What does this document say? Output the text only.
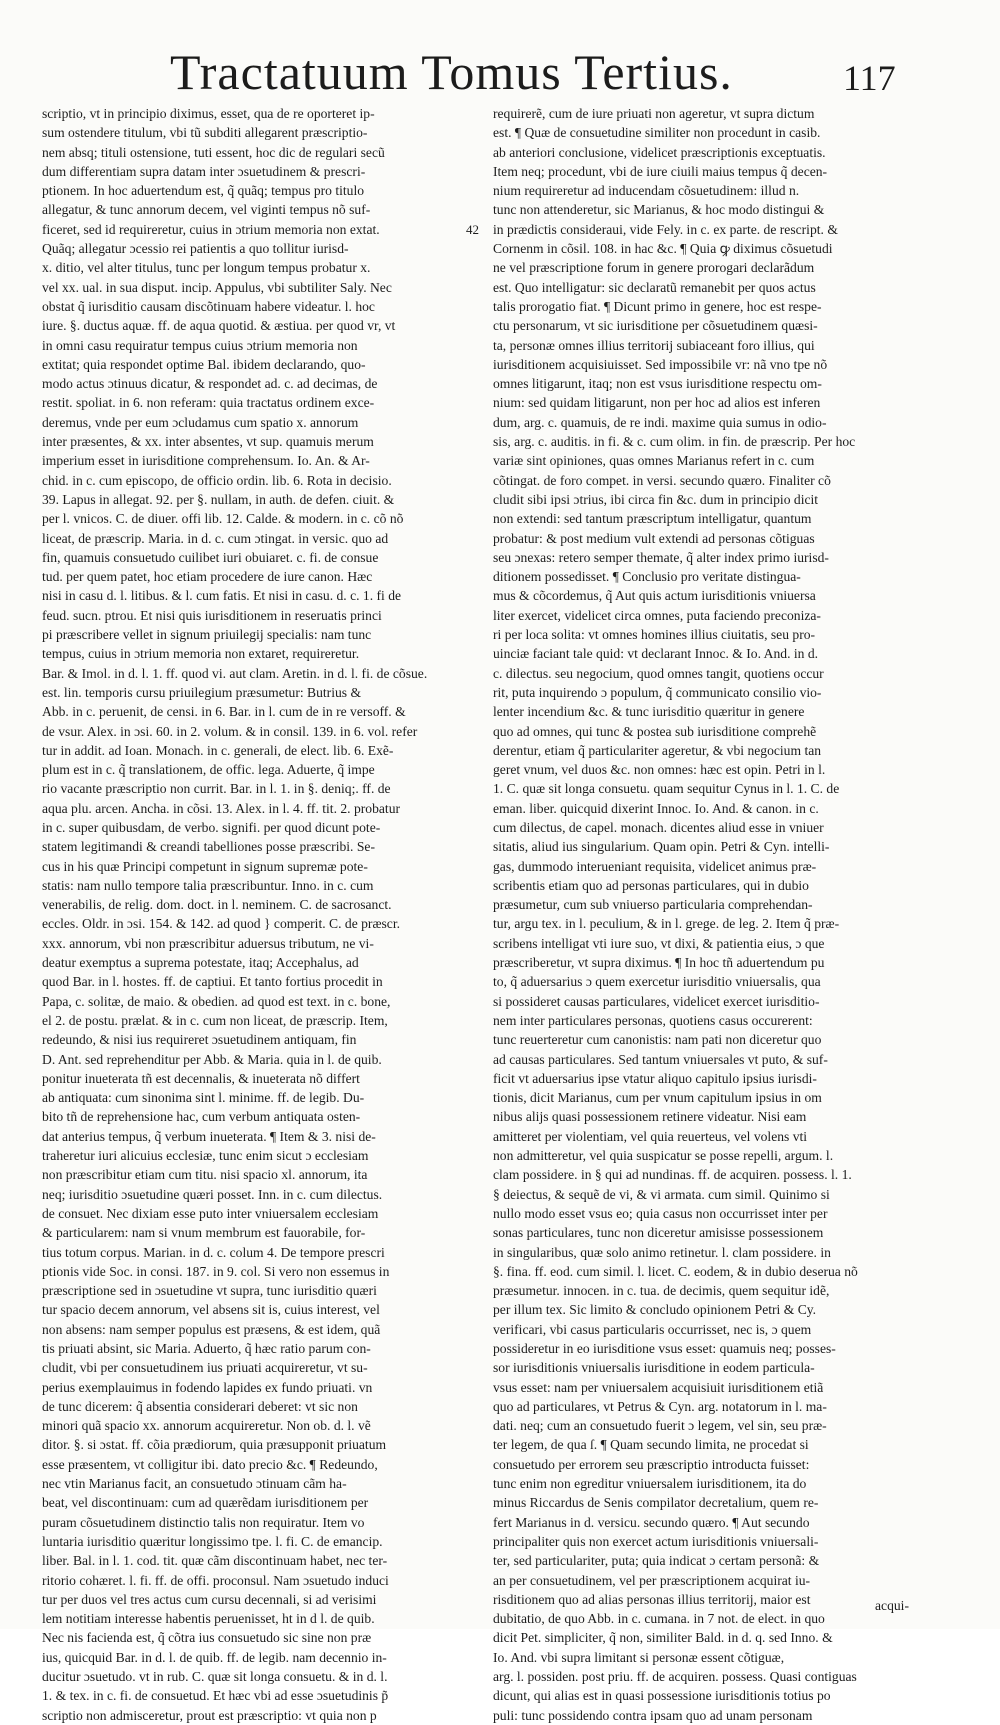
Tractatuum Tomus Tertius.	117
scriptio, vt in principio diximus, esset, qua de re oporteret ip-
sum ostendere titulum, vbi tũ subditi allegarent præscriptio-
nem absq; tituli ostensione, tuti essent, hoc dic de regulari secũ
dum differentiam supra datam inter ɔsuetudinem & prescri-
ptionem. In hoc aduertendum est, q̃ quãq; tempus pro titulo
allegatur, & tunc annorum decem, vel viginti tempus nõ suf-
ficeret, sed id requireretur, cuius in ɔtrium memoria non extat.
Quãq; allegatur ɔcessio rei patientis a quo tollitur iurisd-
x. ditio, vel alter titulus, tunc per longum tempus probatur x.
vel xx. ual. in sua disput. incip. Appulus, vbi subtiliter Saly. Nec
obstat q̃ iurisditio causam discõtinuam habere videatur. l. hoc
iure. §. ductus aquæ. ff. de aqua quotid. & æstiua. per quod vr, vt
in omni casu requiratur tempus cuius ɔtrium memoria non
extitat; quia respondet optime Bal. ibidem declarando, quo-
modo actus ɔtinuus dicatur, & respondet ad. c. ad decimas, de
restit. spoliat. in 6. non referam: quia tractatus ordinem exce-
deremus, vnde per eum ɔcludamus cum spatio x. annorum
inter præsentes, & xx. inter absentes, vt sup. quamuis merum
imperium esset in iurisditione comprehensum. Io. An. & Ar-
chid. in c. cum episcopo, de officio ordin. lib. 6. Rota in decisio.
39. Lapus in allegat. 92. per §. nullam, in auth. de defen. ciuit. &
per l. vnicos. C. de diuer. offi lib. 12. Calde. & modern. in c. cõ nõ
liceat, de præscrip. Maria. in d. c. cum ɔtingat. in versic. quo ad
fin, quamuis consuetudo cuilibet iuri obuiaret. c. fi. de consue
tud. per quem patet, hoc etiam procedere de iure canon. Hæc
nisi in casu d. l. litibus. & l. cum fatis. Et nisi in casu. d. c. 1. fi de
feud. sucn. ptrou. Et nisi quis iurisditionem in reseruatis princi
pi præscribere vellet in signum priuilegij specialis: nam tunc
tempus, cuius in ɔtrium memoria non extaret, requireretur.
Bar. & Imol. in d. l. 1. ff. quod vi. aut clam. Aretin. in d. l. fi. de cõsue.
est. lin. temporis cursu priuilegium præsumetur: Butrius &
Abb. in c. peruenit, de censi. in 6. Bar. in l. cum de in re versoff. &
de vsur. Alex. in ɔsi. 60. in 2. volum. & in consil. 139. in 6. vol. refer
tur in addit. ad Ioan. Monach. in c. generali, de elect. lib. 6. Exẽ-
plum est in c. q̃ translationem, de offic. lega. Aduerte, q̃ impe
rio vacante præscriptio non currit. Bar. in l. 1. in §. deniq;. ff. de
aqua plu. arcen. Ancha. in cõsi. 13. Alex. in l. 4. ff. tit. 2. probatur
in c. super quibusdam, de verbo. signifi. per quod dicunt pote-
statem legitimandi & creandi tabelliones posse præscribi. Se-
cus in his quæ Principi competunt in signum supremæ pote-
statis: nam nullo tempore talia præscribuntur. Inno. in c. cum
venerabilis, de relig. dom. doct. in l. neminem. C. de sacrosanct.
eccles. Oldr. in ɔsi. 154. & 142. ad quod } comperit. C. de præscr.
xxx. annorum, vbi non præscribitur aduersus tributum, ne vi-
deatur exemptus a suprema potestate, itaq; Accephalus, ad
quod Bar. in l. hostes. ff. de captiui. Et tanto fortius procedit in
Papa, c. solitæ, de maio. & obedien. ad quod est text. in c. bone,
el 2. de postu. prælat. & in c. cum non liceat, de præscrip. Item,
redeundo, & nisi ius requireret ɔsuetudinem antiquam, fin
D. Ant. sed reprehenditur per Abb. & Maria. quia in l. de quib.
ponitur inueterata tñ est decennalis, & inueterata nõ differt
ab antiquata: cum sinonima sint l. minime. ff. de legib. Du-
bito tñ de reprehensione hac, cum verbum antiquata osten-
dat anterius tempus, q̃ verbum inueterata. ¶ Item & 3. nisi de-
traheretur iuri alicuius ecclesiæ, tunc enim sicut ɔ ecclesiam
non præscribitur etiam cum titu. nisi spacio xl. annorum, ita
neq; iurisditio ɔsuetudine quæri posset. Inn. in c. cum dilectus.
de consuet. Nec dixiam esse puto inter vniuersalem ecclesiam
& particularem: nam si vnum membrum est fauorabile, for-
tius totum corpus. Marian. in d. c. colum 4. De tempore prescri
ptionis vide Soc. in consi. 187. in 9. col. Si vero non essemus in
præscriptione sed in ɔsuetudine vt supra, tunc iurisditio quæri
tur spacio decem annorum, vel absens sit is, cuius interest, vel
non absens: nam semper populus est præsens, & est idem, quã
tis priuati absint, sic Maria. Aduerto, q̃ hæc ratio parum con-
cludit, vbi per consuetudinem ius priuati acquireretur, vt su-
perius exemplauimus in fodendo lapides ex fundo priuati. vn
de tunc dicerem: q̃ absentia considerari deberet: vt sic non
minori quã spacio xx. annorum acquireretur. Non ob. d. l. vẽ
ditor. §. si ɔstat. ff. cõia prædiorum, quia præsupponit priuatum
esse præsentem, vt colligitur ibi. dato precio &c. ¶ Redeundo,
nec vtin Marianus facit, an consuetudo ɔtinuam cãm ha-
beat, vel discontinuam: cum ad quærẽdam iurisditionem per
puram cõsuetudinem distinctio talis non requiratur. Item vo
luntaria iurisditio quæritur longissimo tpe. l. fi. C. de emancip.
liber. Bal. in l. 1. cod. tit. quæ cãm discontinuam habet, nec ter-
ritorio cohæret. l. fi. ff. de offi. proconsul. Nam ɔsuetudo induci
tur per duos vel tres actus cum cursu decennali, si ad verisimi
lem notitiam interesse habentis peruenisset, ht in d l. de quib.
Nec nis facienda est, q̃ cõtra ius consuetudo sic sine non præ
ius, quicquid Bar. in d. l. de quib. ff. de legib. nam decennio in-
ducitur ɔsuetudo. vt in rub. C. quæ sit longa consuetu. & in d. l.
1. & tex. in c. fi. de consuetud. Et hæc vbi ad esse ɔsuetudinis p̃
scriptio non admisceretur, prout est præscriptio: vt quia non p
42
requirerẽ, cum de iure priuati non ageretur, vt supra dictum
est. ¶ Quæ de consuetudine similiter non procedunt in casib.
ab anteriori conclusione, videlicet præscriptionis exceptuatis.
Item neq; procedunt, vbi de iure ciuili maius tempus q̃ decen-
nium requireretur ad inducendam cõsuetudinem: illud n.
tunc non attenderetur, sic Marianus, & hoc modo distingui &
in prædictis consideraui, vide Fely. in c. ex parte. de rescript. &
Cornenm in cõsil. 108. in hac &c. ¶ Quia ꝙ diximus cõsuetudi
ne vel præscriptione forum in genere prorogari declarãdum
est. Quo intelligatur: sic declaratũ remanebit per quos actus
talis prorogatio fiat. ¶ Dicunt primo in genere, hoc est respe-
ctu personarum, vt sic iurisditione per cõsuetudinem quæsi-
ta, personæ omnes illius territorij subiaceant foro illius, qui
iurisditionem acquisiuisset. Sed impossibile vr: nã vno tpe nõ
omnes litigarunt, itaq; non est vsus iurisditione respectu om-
nium: sed quidam litigarunt, non per hoc ad alios est inferen
dum, arg. c. quamuis, de re indi. maxime quia sumus in odio-
sis, arg. c. auditis. in fi. & c. cum olim. in fin. de præscrip. Per hoc
variæ sint opiniones, quas omnes Marianus refert in c. cum
cõtingat. de foro compet. in versi. secundo quæro. Finaliter cõ
cludit sibi ipsi ɔtrius, ibi circa fin &c. dum in principio dicit
non extendi: sed tantum præscriptum intelligatur, quantum
probatur: & post medium vult extendi ad personas cõtiguas
seu ɔnexas: retero semper themate, q̃ alter index primo iurisd-
ditionem possedisset. ¶ Conclusio pro veritate distingua-
mus & cõcordemus, q̃ Aut quis actum iurisditionis vniuersa
liter exercet, videlicet circa omnes, puta faciendo preconiza-
ri per loca solita: vt omnes homines illius ciuitatis, seu pro-
uinciæ faciant tale quid: vt declarant Innoc. & Io. And. in d.
c. dilectus. seu negocium, quod omnes tangit, quotiens occur
rit, puta inquirendo ɔ populum, q̃ communicato consilio vio-
lenter incendium &c. & tunc iurisditio quæritur in genere
quo ad omnes, qui tunc & postea sub iurisditione comprehẽ
derentur, etiam q̃ particulariter ageretur, & vbi negocium tan
geret vnum, vel duos &c. non omnes: hæc est opin. Petri in l.
1. C. quæ sit longa consuetu. quam sequitur Cynus in l. 1. C. de
eman. liber. quicquid dixerint Innoc. Io. And. & canon. in c.
cum dilectus, de capel. monach. dicentes aliud esse in vniuer
sitatis, aliud ius singularium. Quam opin. Petri & Cyn. intelli-
gas, dummodo interueniant requisita, videlicet animus præ-
scribentis etiam quo ad personas particulares, qui in dubio
præsumetur, cum sub vniuerso particularia comprehendan-
tur, argu tex. in l. peculium, & in l. grege. de leg. 2. Item q̃ præ-
scribens intelligat vti iure suo, vt dixi, & patientia eius, ɔ que
præscriberetur, vt supra diximus. ¶ In hoc tñ aduertendum pu
to, q̃ aduersarius ɔ quem exercetur iurisditio vniuersalis, qua
si possideret causas particulares, videlicet exercet iurisditio-
nem inter particulares personas, quotiens casus occurerent:
tunc reuerteretur cum canonistis: nam pati non diceretur quo
ad causas particulares. Sed tantum vniuersales vt puto, & suf-
ficit vt aduersarius ipse vtatur aliquo capitulo ipsius iurisdi-
tionis, dicit Marianus, cum per vnum capitulum ipsius in om
nibus alijs quasi possessionem retinere videatur. Nisi eam
amitteret per violentiam, vel quia reuerteus, vel volens vti
non admitteretur, vel quia suspicatur se posse repelli, argum. l.
clam possidere. in § qui ad nundinas. ff. de acquiren. possess. l. 1.
§ deiectus, & sequẽ de vi, & vi armata. cum simil. Quinimo si
nullo modo esset vsus eo; quia casus non occurrisset inter per
sonas particulares, tunc non diceretur amisisse possessionem
in singularibus, quæ solo animo retinetur. l. clam possidere. in
§. fina. ff. eod. cum simil. l. licet. C. eodem, & in dubio deserua nõ
præsumetur. innocen. in c. tua. de decimis, quem sequitur idẽ,
per illum tex. Sic limito & concludo opinionem Petri & Cy.
verificari, vbi casus particularis occurrisset, nec is, ɔ quem
possideretur in eo iurisditione vsus esset: quamuis neq; posses-
sor iurisditionis vniuersalis iurisditione in eodem particula-
vsus esset: nam per vniuersalem acquisiuit iurisditionem etiã
quo ad particulares, vt Petrus & Cyn. arg. notatorum in l. ma-
dati. neq; cum an consuetudo fuerit ɔ legem, vel sin, seu præ-
ter legem, de qua ſ. ¶ Quam secundo limita, ne procedat si
consuetudo per errorem seu præscriptio introducta fuisset:
tunc enim non egreditur vniuersalem iurisditionem, ita do
minus Riccardus de Senis compilator decretalium, quem re-
fert Marianus in d. versicu. secundo quæro. ¶ Aut secundo
principaliter quis non exercet actum iurisditionis vniuersali-
ter, sed particulariter, puta; quia indicat ɔ certam personã: &
an per consuetudinem, vel per præscriptionem acquirat iu-
risditionem quo ad alias personas illius territorij, maior est
dubitatio, de quo Abb. in c. cumana. in 7 not. de elect. in quo
dicit Pet. simpliciter, q̃ non, similiter Bald. in d. q. sed Inno. &
Io. And. vbi supra limitant si personæ essent cõtiguæ,
arg. l. possiden. post priu. ff. de acquiren. possess. Quasi contiguas
dicunt, qui alias est in quasi possessione iurisditionis totius po
puli: tunc possidendo contra ipsam quo ad unam personam
acqui-
